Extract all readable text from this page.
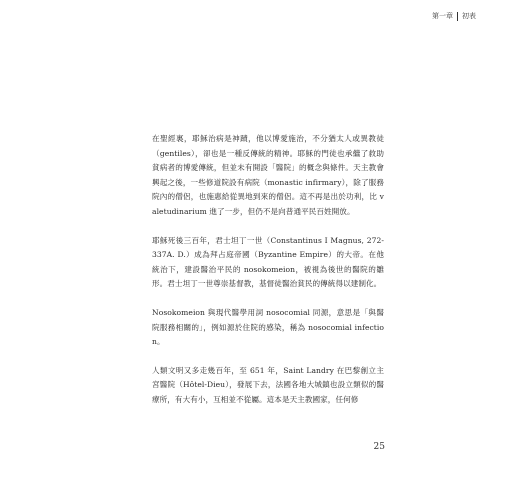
第一章 初表

在聖經裏，耶穌治病是神蹟，他以博愛施治，不分猶太人或異教徒（gentiles），卻也是一種反傳統的精神。耶穌的門徒也承繼了救助貧病者的博愛傳統，但並未有開設「醫院」的概念與條件。天主教會興起之後，一些修道院設有病院（monastic infirmary），除了服務院內的僧侶，也施惠給從異地到來的僧侶。這不再是出於功利，比 valetudinarium 進了一步，但仍不是向普通平民百姓開放。

耶穌死後三百年，君士坦丁一世（Constantinus I Magnus, 272-337A. D.）成為拜占庭帝國（Byzantine Empire）的大帝。在他統治下，建設醫治平民的 nosokomeion，被視為後世的醫院的雛形。君士坦丁一世尊崇基督教，基督徒醫治貧民的傳統得以建制化。

Nosokomeion 與現代醫學用詞 nosocomial 同源，意思是「與醫院服務相關的」，例如源於住院的感染，稱為 nosocomial infection。

人類文明又多走幾百年，至 651 年，Saint Landry 在巴黎創立主宮醫院（Hôtel-Dieu），發展下去，法國各地大城鎮也設立類似的醫療所，有大有小，互相並不從屬。這本是天主教國家，任何修

25
